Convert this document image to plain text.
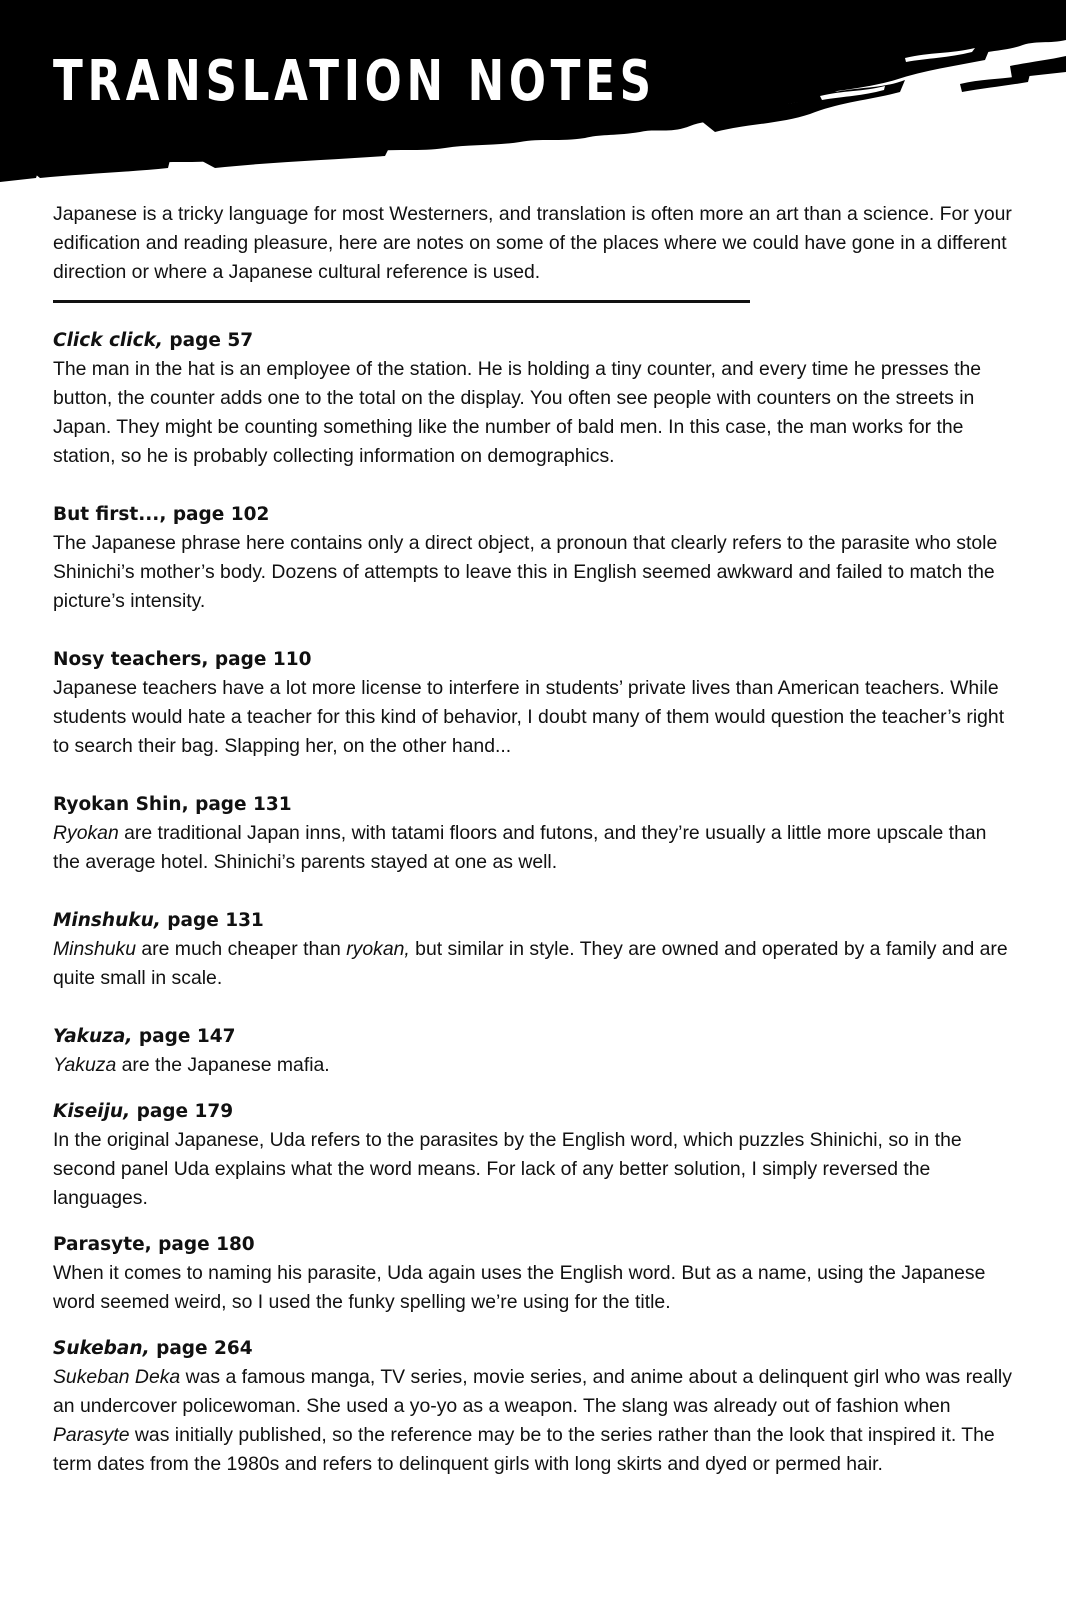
TRANSLATION NOTES

Japanese is a tricky language for most Westerners, and translation is often more an art than a science. For your edification and reading pleasure, here are notes on some of the places where we could have gone in a different direction or where a Japanese cultural reference is used.

Click click, page 57

The man in the hat is an employee of the station. He is holding a tiny counter, and every time he presses the button, the counter adds one to the total on the display. You often see people with counters on the streets in Japan. They might be counting something like the number of bald men. In this case, the man works for the station, so he is probably collecting information on demographics.

But first..., page 102

The Japanese phrase here contains only a direct object, a pronoun that clearly refers to the parasite who stole Shinichi’s mother’s body. Dozens of attempts to leave this in English seemed awkward and failed to match the picture’s intensity.

Nosy teachers, page 110

Japanese teachers have a lot more license to interfere in students’ private lives than American teachers. While students would hate a teacher for this kind of behavior, I doubt many of them would question the teacher’s right to search their bag. Slapping her, on the other hand...

Ryokan Shin, page 131

Ryokan are traditional Japan inns, with tatami floors and futons, and they’re usually a little more upscale than the average hotel. Shinichi’s parents stayed at one as well.

Minshuku, page 131

Minshuku are much cheaper than ryokan, but similar in style. They are owned and operated by a family and are quite small in scale.

Yakuza, page 147

Yakuza are the Japanese mafia.

Kiseiju, page 179

In the original Japanese, Uda refers to the parasites by the English word, which puzzles Shinichi, so in the second panel Uda explains what the word means. For lack of any better solution, I simply reversed the languages.

Parasyte, page 180

When it comes to naming his parasite, Uda again uses the English word. But as a name, using the Japanese word seemed weird, so I used the funky spelling we’re using for the title.

Sukeban, page 264

Sukeban Deka was a famous manga, TV series, movie series, and anime about a delinquent girl who was really an undercover policewoman. She used a yo-yo as a weapon. The slang was already out of fashion when Parasyte was initially published, so the reference may be to the series rather than the look that inspired it. The term dates from the 1980s and refers to delinquent girls with long skirts and dyed or permed hair.
